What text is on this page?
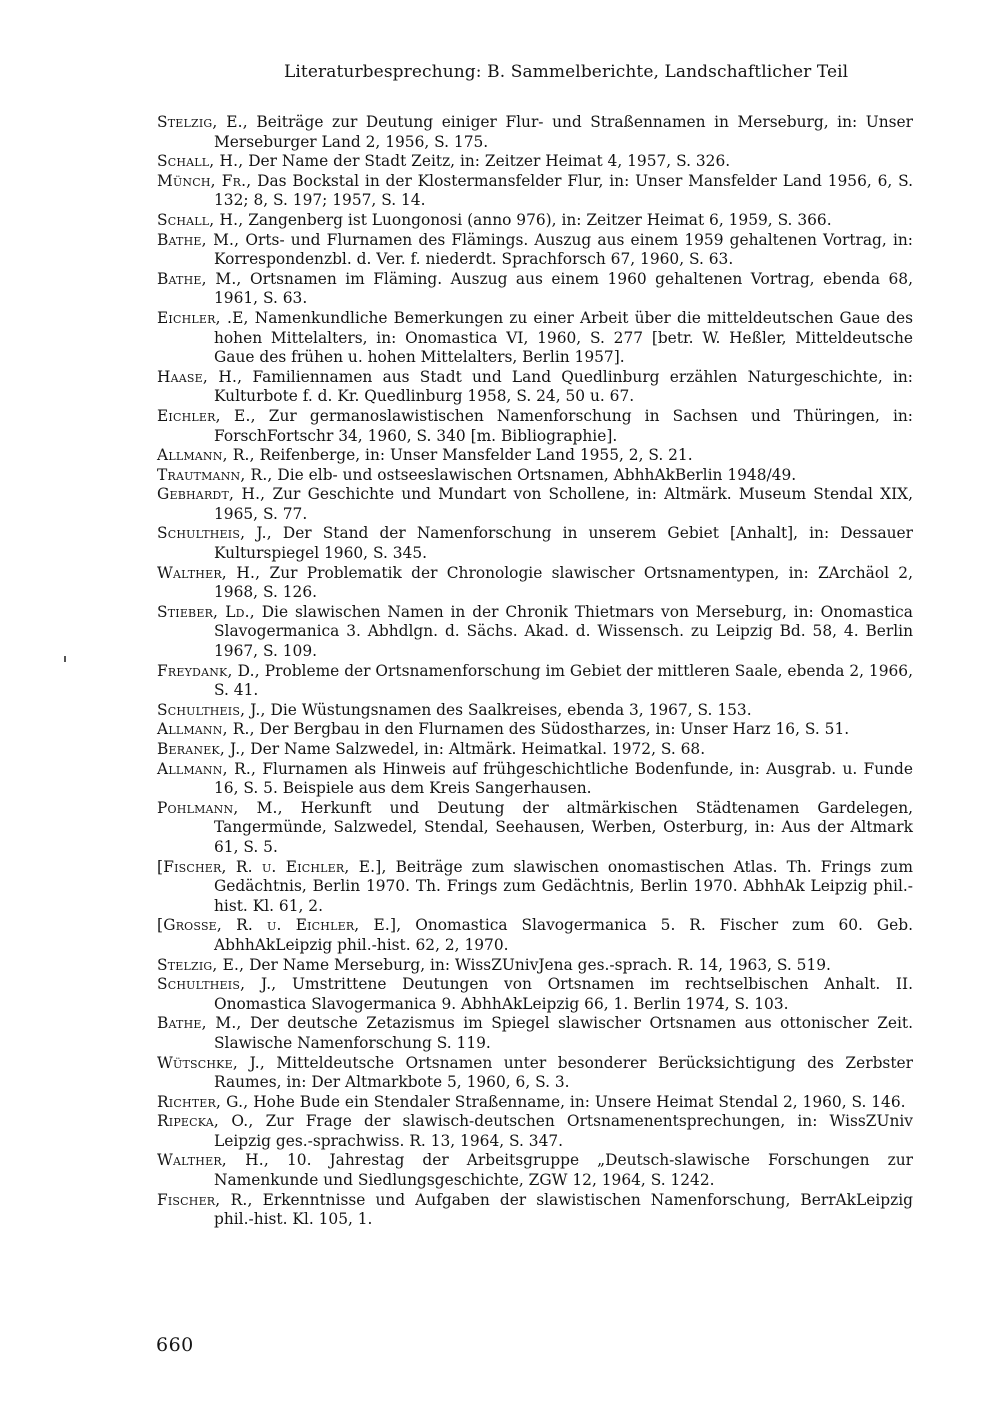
Literaturbesprechung: B. Sammelberichte, Landschaftlicher Teil

Stelzig, E., Beiträge zur Deutung einiger Flur- und Straßennamen in Merseburg, in: Unser Merseburger Land 2, 1956, S. 175.

Schall, H., Der Name der Stadt Zeitz, in: Zeitzer Heimat 4, 1957, S. 326.

Münch, Fr., Das Bockstal in der Klostermansfelder Flur, in: Unser Mansfelder Land 1956, 6, S. 132; 8, S. 197; 1957, S. 14.

Schall, H., Zangenberg ist Luongonosi (anno 976), in: Zeitzer Heimat 6, 1959, S. 366.

Bathe, M., Orts- und Flurnamen des Flämings. Auszug aus einem 1959 gehaltenen Vortrag, in: Korrespondenzbl. d. Ver. f. niederdt. Sprachforsch 67, 1960, S. 63.

Bathe, M., Ortsnamen im Fläming. Auszug aus einem 1960 gehaltenen Vortrag, ebenda 68, 1961, S. 63.

Eichler, .E, Namenkundliche Bemerkungen zu einer Arbeit über die mitteldeutschen Gaue des hohen Mittelalters, in: Onomastica VI, 1960, S. 277 [betr. W. Heßler, Mitteldeutsche Gaue des frühen u. hohen Mittelalters, Berlin 1957].

Haase, H., Familiennamen aus Stadt und Land Quedlinburg erzählen Naturgeschichte, in: Kulturbote f. d. Kr. Quedlinburg 1958, S. 24, 50 u. 67.

Eichler, E., Zur germanoslawistischen Namenforschung in Sachsen und Thüringen, in: ForschFortschr 34, 1960, S. 340 [m. Bibliographie].

Allmann, R., Reifenberge, in: Unser Mansfelder Land 1955, 2, S. 21.

Trautmann, R., Die elb- und ostseeslawischen Ortsnamen, AbhhAkBerlin 1948/49.

Gebhardt, H., Zur Geschichte und Mundart von Schollene, in: Altmärk. Museum Stendal XIX, 1965, S. 77.

Schultheis, J., Der Stand der Namenforschung in unserem Gebiet [Anhalt], in: Dessauer Kulturspiegel 1960, S. 345.

Walther, H., Zur Problematik der Chronologie slawischer Ortsnamentypen, in: ZArchäol 2, 1968, S. 126.

Stieber, Ld., Die slawischen Namen in der Chronik Thietmars von Merseburg, in: Onomastica Slavogermanica 3. Abhdlgn. d. Sächs. Akad. d. Wissensch. zu Leipzig Bd. 58, 4. Berlin 1967, S. 109.

Freydank, D., Probleme der Ortsnamenforschung im Gebiet der mittleren Saale, ebenda 2, 1966, S. 41.

Schultheis, J., Die Wüstungsnamen des Saalkreises, ebenda 3, 1967, S. 153.

Allmann, R., Der Bergbau in den Flurnamen des Südostharzes, in: Unser Harz 16, S. 51.

Beranek, J., Der Name Salzwedel, in: Altmärk. Heimatkal. 1972, S. 68.

Allmann, R., Flurnamen als Hinweis auf frühgeschichtliche Bodenfunde, in: Ausgrab. u. Funde 16, S. 5. Beispiele aus dem Kreis Sangerhausen.

Pohlmann, M., Herkunft und Deutung der altmärkischen Städtenamen Gardelegen, Tangermünde, Salzwedel, Stendal, Seehausen, Werben, Osterburg, in: Aus der Altmark 61, S. 5.

[Fischer, R. u. Eichler, E.], Beiträge zum slawischen onomastischen Atlas. Th. Frings zum Gedächtnis, Berlin 1970. Th. Frings zum Gedächtnis, Berlin 1970. AbhhAk Leipzig phil.-hist. Kl. 61, 2.

[Grosse, R. u. Eichler, E.], Onomastica Slavogermanica 5. R. Fischer zum 60. Geb. AbhhAkLeipzig phil.-hist. 62, 2, 1970.

Stelzig, E., Der Name Merseburg, in: WissZUnivJena ges.-sprach. R. 14, 1963, S. 519.

Schultheis, J., Umstrittene Deutungen von Ortsnamen im rechtselbischen Anhalt. II. Onomastica Slavogermanica 9. AbhhAkLeipzig 66, 1. Berlin 1974, S. 103.

Bathe, M., Der deutsche Zetazismus im Spiegel slawischer Ortsnamen aus ottonischer Zeit. Slawische Namenforschung S. 119.

Wütschke, J., Mitteldeutsche Ortsnamen unter besonderer Berücksichtigung des Zerbster Raumes, in: Der Altmarkbote 5, 1960, 6, S. 3.

Richter, G., Hohe Bude ein Stendaler Straßenname, in: Unsere Heimat Stendal 2, 1960, S. 146.

Ripecka, O., Zur Frage der slawisch-deutschen Ortsnamenentsprechungen, in: WissZUniv Leipzig ges.-sprachwiss. R. 13, 1964, S. 347.

Walther, H., 10. Jahrestag der Arbeitsgruppe „Deutsch-slawische Forschungen zur Namenkunde und Siedlungsgeschichte, ZGW 12, 1964, S. 1242.

Fischer, R., Erkenntnisse und Aufgaben der slawistischen Namenforschung, BerrAkLeipzig phil.-hist. Kl. 105, 1.

660
